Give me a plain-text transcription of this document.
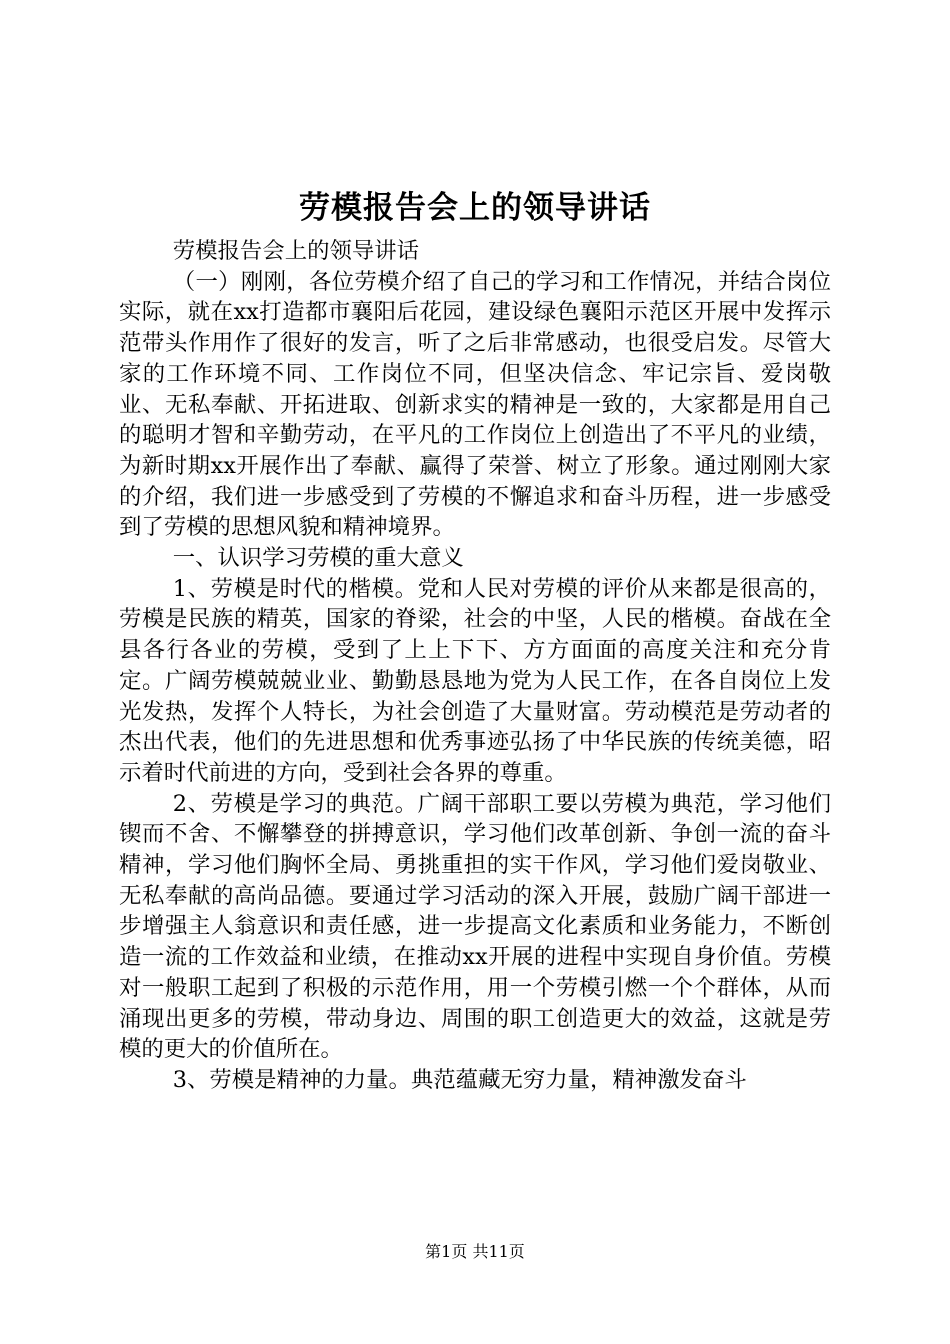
劳模报告会上的领导讲话

劳模报告会上的领导讲话

（一）刚刚，各位劳模介绍了自己的学习和工作情况，并结合岗位实际，就在xx打造都市襄阳后花园，建设绿色襄阳示范区开展中发挥示范带头作用作了很好的发言，听了之后非常感动，也很受启发。尽管大家的工作环境不同、工作岗位不同，但坚决信念、牢记宗旨、爱岗敬业、无私奉献、开拓进取、创新求实的精神是一致的，大家都是用自己的聪明才智和辛勤劳动，在平凡的工作岗位上创造出了不平凡的业绩，为新时期xx开展作出了奉献、赢得了荣誉、树立了形象。通过刚刚大家的介绍，我们进一步感受到了劳模的不懈追求和奋斗历程，进一步感受到了劳模的思想风貌和精神境界。

一、认识学习劳模的重大意义

1、劳模是时代的楷模。党和人民对劳模的评价从来都是很高的，劳模是民族的精英，国家的脊梁，社会的中坚，人民的楷模。奋战在全县各行各业的劳模，受到了上上下下、方方面面的高度关注和充分肯定。广阔劳模兢兢业业、勤勤恳恳地为党为人民工作，在各自岗位上发光发热，发挥个人特长，为社会创造了大量财富。劳动模范是劳动者的杰出代表，他们的先进思想和优秀事迹弘扬了中华民族的传统美德，昭示着时代前进的方向，受到社会各界的尊重。

2、劳模是学习的典范。广阔干部职工要以劳模为典范，学习他们锲而不舍、不懈攀登的拼搏意识，学习他们改革创新、争创一流的奋斗精神，学习他们胸怀全局、勇挑重担的实干作风，学习他们爱岗敬业、无私奉献的高尚品德。要通过学习活动的深入开展，鼓励广阔干部进一步增强主人翁意识和责任感，进一步提高文化素质和业务能力，不断创造一流的工作效益和业绩，在推动xx开展的进程中实现自身价值。劳模对一般职工起到了积极的示范作用，用一个劳模引燃一个个群体，从而涌现出更多的劳模，带动身边、周围的职工创造更大的效益，这就是劳模的更大的价值所在。

3、劳模是精神的力量。典范蕴藏无穷力量，精神激发奋斗

第1页 共11页
